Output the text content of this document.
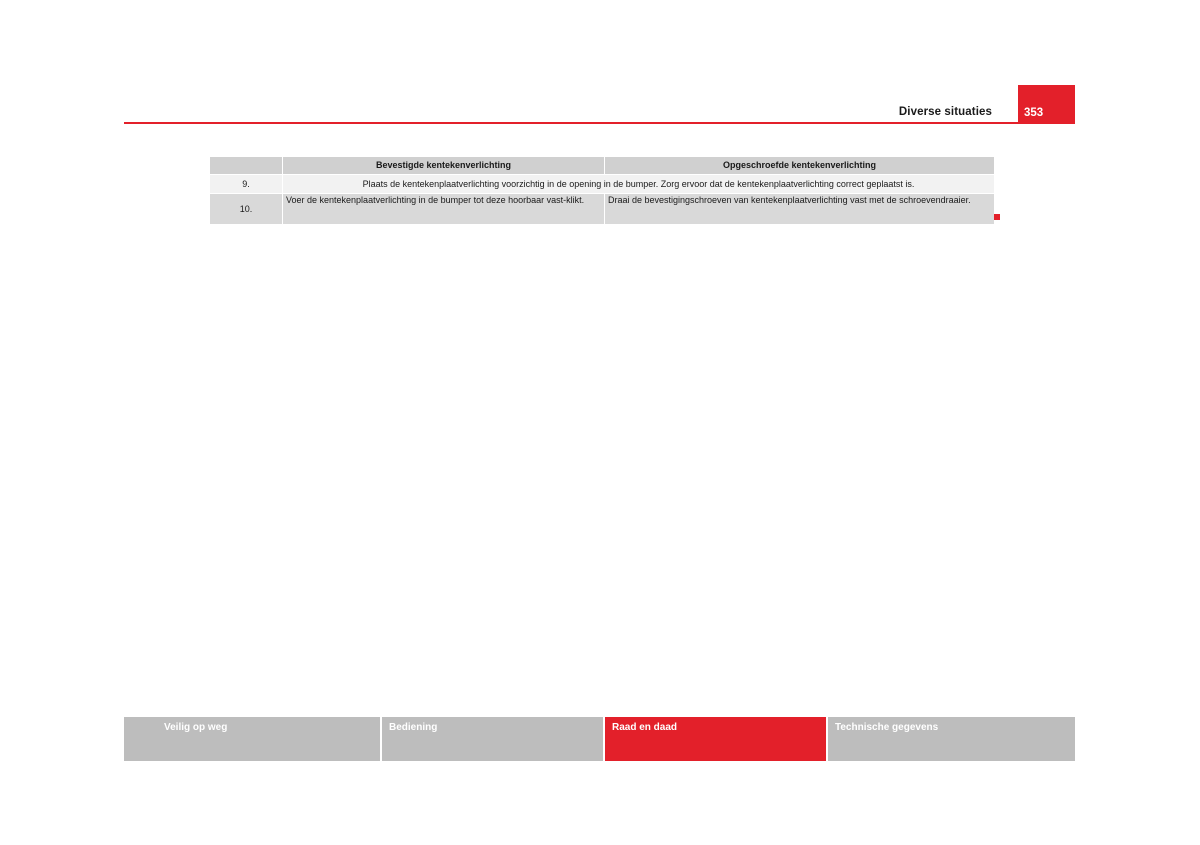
Diverse situaties	353
	Bevestigde kentekenverlichting	Opgeschroefde kentekenverlichting
9.	Plaats de kentekenplaatverlichting voorzichtig in de opening in de bumper. Zorg ervoor dat de kentekenplaatverlichting correct geplaatst is.	
10.	Voer de kentekenplaatverlichting in de bumper tot deze hoorbaar vast-klikt.	Draai de bevestigingschroeven van kentekenplaatverlichting vast met de schroevendraaier.
Veilig op weg	Bediening	Raad en daad	Technische gegevens
